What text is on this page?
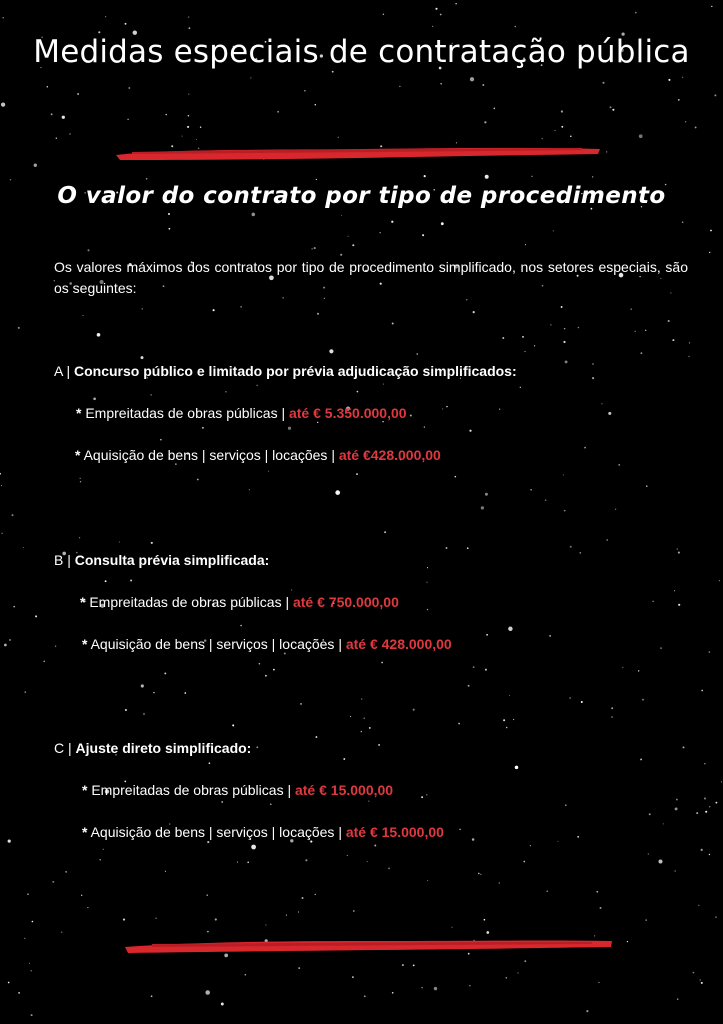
Medidas especiais de contratação pública
O valor do contrato por tipo de procedimento
Os valores máximos dos contratos por tipo de procedimento simplificado, nos setores especiais, são os seguintes:
A | Concurso público e limitado por prévia adjudicação simplificados:
* Empreitadas de obras públicas | até € 5.350.000,00
* Aquisição de bens | serviços | locações | até €428.000,00
B | Consulta prévia simplificada:
* Empreitadas de obras públicas | até € 750.000,00
* Aquisição de bens | serviços | locações | até € 428.000,00
C | Ajuste direto simplificado:
* Empreitadas de obras públicas | até € 15.000,00
* Aquisição de bens | serviços | locações | até € 15.000,00
